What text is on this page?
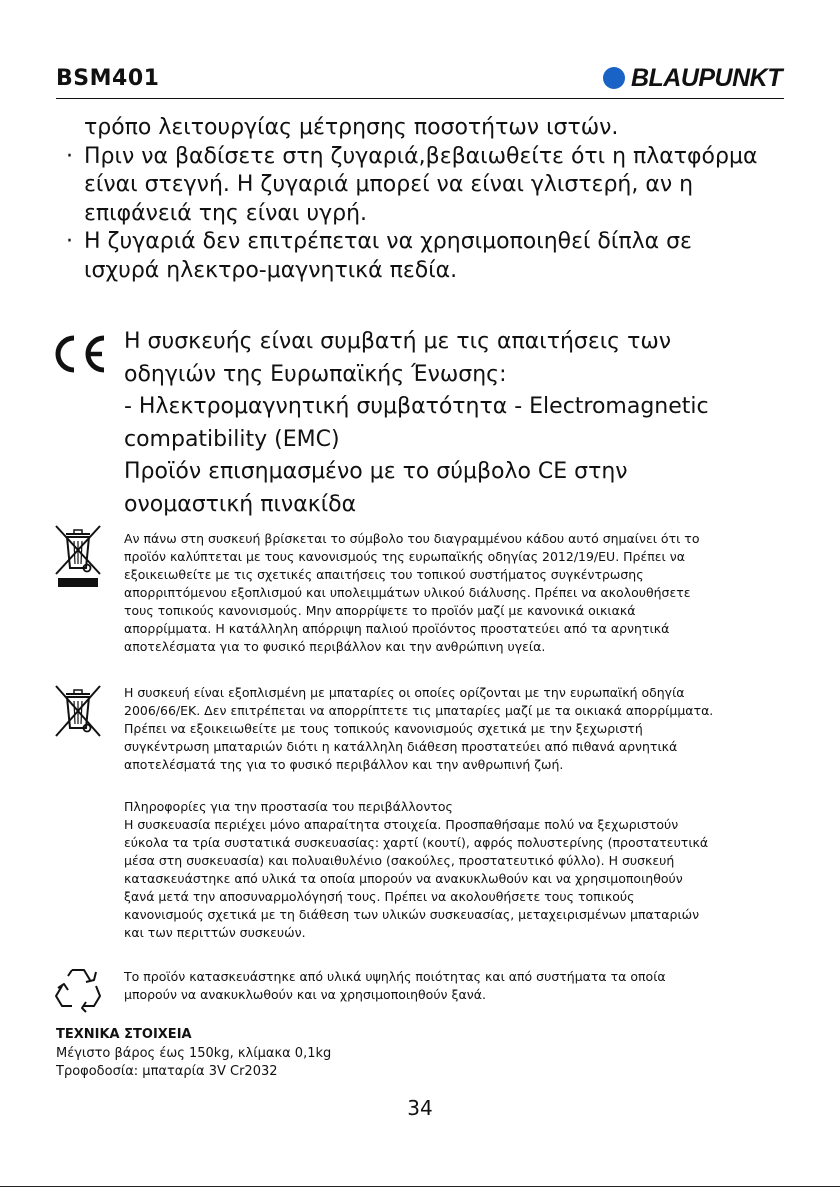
BSM401	BLAUPUNKT

τρόπο λειτουργίας μέτρησης ποσοτήτων ιστών.

· Πριν να βαδίσετε στη ζυγαριά,βεβαιωθείτε ότι η πλατφόρμα

είναι στεγνή. Η ζυγαριά μπορεί να είναι γλιστερή, αν η

επιφάνειά της είναι υγρή.

· Η ζυγαριά δεν επιτρέπεται να χρησιμοποιηθεί δίπλα σε

ισχυρά ηλεκτρο-μαγνητικά πεδία.

Η συσκευής είναι συμβατή με τις απαιτήσεις των

οδηγιών της Ευρωπαϊκής Ένωσης:

- Ηλεκτρομαγνητική συμβατότητα - Electromagnetic

compatibility (EMC)

Προϊόν επισημασμένο με το σύμβολο CE στην

ονομαστική πινακίδα

Αν πάνω στη συσκευή βρίσκεται το σύμβολο του διαγραμμένου κάδου αυτό σημαίνει ότι το

προϊόν καλύπτεται με τους κανονισμούς της ευρωπαϊκής οδηγίας 2012/19/EU. Πρέπει να

εξοικειωθείτε με τις σχετικές απαιτήσεις του τοπικού συστήματος συγκέντρωσης

απορριπτόμενου εξοπλισμού και υπολειμμάτων υλικού διάλυσης. Πρέπει να ακολουθήσετε

τους τοπικούς κανονισμούς. Μην απορρίψετε το προϊόν μαζί με κανονικά οικιακά

απορρίμματα. Η κατάλληλη απόρριψη παλιού προϊόντος προστατεύει από τα αρνητικά

αποτελέσματα για το φυσικό περιβάλλον και την ανθρώπινη υγεία.

Η συσκευή είναι εξοπλισμένη με μπαταρίες οι οποίες ορίζονται με την ευρωπαϊκή οδηγία

2006/66/ΕΚ. Δεν επιτρέπεται να απορρίπτετε τις μπαταρίες μαζί με τα οικιακά απορρίμματα.

Πρέπει να εξοικειωθείτε με τους τοπικούς κανονισμούς σχετικά με την ξεχωριστή

συγκέντρωση μπαταριών διότι η κατάλληλη διάθεση προστατεύει από πιθανά αρνητικά

αποτελέσματά της για το φυσικό περιβάλλον και την ανθρωπινή ζωή.

Πληροφορίες για την προστασία του περιβάλλοντος

Η συσκευασία περιέχει μόνο απαραίτητα στοιχεία. Προσπαθήσαμε πολύ να ξεχωριστούν

εύκολα τα τρία συστατικά συσκευασίας: χαρτί (κουτί), αφρός πολυστερίνης (προστατευτικά

μέσα στη συσκευασία) και πολυαιθυλένιο (σακούλες, προστατευτικό φύλλο). Η συσκευή

κατασκευάστηκε από υλικά τα οποία μπορούν να ανακυκλωθούν και να χρησιμοποιηθούν

ξανά μετά την αποσυναρμολόγησή τους. Πρέπει να ακολουθήσετε τους τοπικούς

κανονισμούς σχετικά με τη διάθεση των υλικών συσκευασίας, μεταχειρισμένων μπαταριών

και των περιττών συσκευών.

Το προϊόν κατασκευάστηκε από υλικά υψηλής ποιότητας και από συστήματα τα οποία

μπορούν να ανακυκλωθούν και να χρησιμοποιηθούν ξανά.

ΤΕΧΝΙΚΑ ΣΤΟΙΧΕΙΑ

Μέγιστο βάρος έως 150kg, κλίμακα 0,1kg

Τροφοδοσία: μπαταρία 3V Cr2032

34
